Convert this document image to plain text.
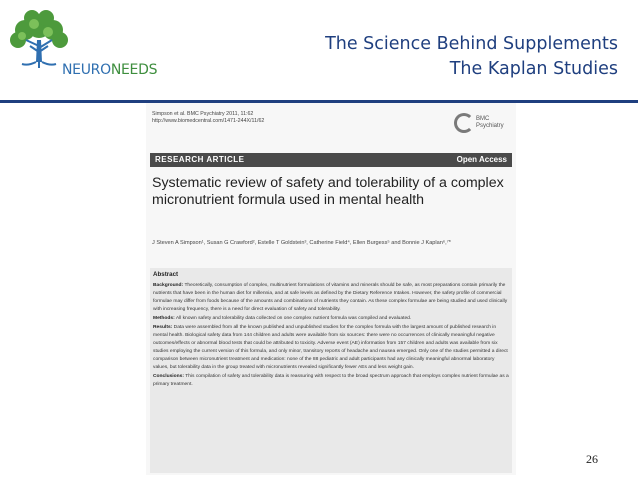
NEURONEEDS
The Science Behind Supplements
The Kaplan Studies
Simpson et al. BMC Psychiatry 2011, 11:62
http://www.biomedcentral.com/1471-244X/11/62	BMC
Psychiatry
RESEARCH ARTICLE	Open Access
Systematic review of safety and tolerability of a complex micronutrient formula used in mental health
J Steven A Simpson¹, Susan G Crawford², Estelle T Goldstein³, Catherine Field⁴, Ellen Burgess⁵ and Bonnie J Kaplan⁶,⁷*
Abstract

Background: Theoretically, consumption of complex, multinutrient formulations of vitamins and minerals should be safe, as most preparations contain primarily the nutrients that have been in the human diet for millennia, and at safe levels as defined by the Dietary Reference Intakes. However, the safety profile of commercial formulae may differ from foods because of the amounts and combinations of nutrients they contain. As these complex formulae are being studied and used clinically with increasing frequency, there is a need for direct evaluation of safety and tolerability.

Methods: All known safety and tolerability data collected on one complex nutrient formula was compiled and evaluated.

Results: Data were assembled from all the known published and unpublished studies for the complex formula with the largest amount of published research in mental health. Biological safety data from 144 children and adults were available from six sources: there were no occurrences of clinically meaningful negative outcomes/effects or abnormal blood tests that could be attributed to toxicity. Adverse event (AE) information from 157 children and adults was available from six studies employing the current version of this formula, and only minor, transitory reports of headache and nausea emerged. Only one of the studies permitted a direct comparison between micronutrient treatment and medication: none of the 88 pediatric and adult participants had any clinically meaningful abnormal laboratory values, but tolerability data in the group treated with micronutrients revealed significantly fewer AEs and less weight gain.

Conclusions: This compilation of safety and tolerability data is reassuring with respect to the broad spectrum approach that employs complex nutrient formulae as a primary treatment.

26
